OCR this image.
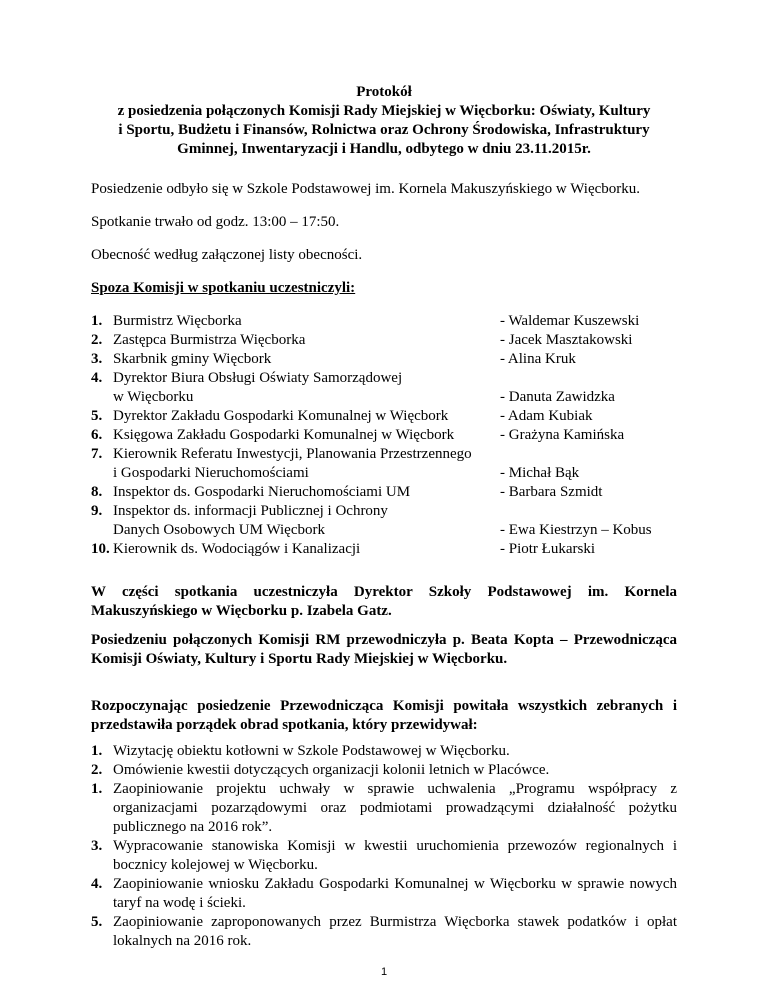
Protokół
z posiedzenia połączonych Komisji Rady Miejskiej w Więcborku: Oświaty, Kultury
i Sportu, Budżetu i Finansów, Rolnictwa oraz Ochrony Środowiska, Infrastruktury
Gminnej, Inwentaryzacji i Handlu, odbytego w dniu 23.11.2015r.
Posiedzenie odbyło się w Szkole Podstawowej im. Kornela Makuszyńskiego w Więcborku.
Spotkanie trwało od godz. 13:00 – 17:50.
Obecność według załączonej listy obecności.
Spoza Komisji w spotkaniu uczestniczyli:
1. Burmistrz Więcborka	- Waldemar Kuszewski
2. Zastępca Burmistrza Więcborka	- Jacek Masztakowski
3. Skarbnik gminy Więcbork	- Alina Kruk
4. Dyrektor Biura Obsługi Oświaty Samorządowej
w Więcborku	- Danuta Zawidzka
5. Dyrektor Zakładu Gospodarki Komunalnej w Więcbork	- Adam Kubiak
6. Księgowa Zakładu Gospodarki Komunalnej w Więcbork	- Grażyna Kamińska
7. Kierownik Referatu Inwestycji, Planowania Przestrzennego
i Gospodarki Nieruchomościami	- Michał Bąk
8. Inspektor ds. Gospodarki Nieruchomościami UM	- Barbara Szmidt
9. Inspektor ds. informacji Publicznej i Ochrony
Danych Osobowych UM Więcbork	- Ewa Kiestrzyn – Kobus
10. Kierownik ds. Wodociągów i Kanalizacji	- Piotr Łukarski
W części spotkania uczestniczyła Dyrektor Szkoły Podstawowej im. Kornela Makuszyńskiego w Więcborku p. Izabela Gatz.
Posiedzeniu połączonych Komisji RM przewodniczyła p. Beata Kopta – Przewodnicząca Komisji Oświaty, Kultury i Sportu Rady Miejskiej w Więcborku.
Rozpoczynając posiedzenie Przewodnicząca Komisji powitała wszystkich zebranych i przedstawiła porządek obrad spotkania, który przewidywał:
1. Wizytację obiektu kotłowni w Szkole Podstawowej w Więcborku.
2. Omówienie kwestii dotyczących organizacji kolonii letnich w Placówce.
1. Zaopiniowanie projektu uchwały w sprawie uchwalenia „Programu współpracy z organizacjami pozarządowymi oraz podmiotami prowadzącymi działalność pożytku publicznego na 2016 rok”.
3. Wypracowanie stanowiska Komisji w kwestii uruchomienia przewozów regionalnych i bocznicy kolejowej w Więcborku.
4. Zaopiniowanie wniosku Zakładu Gospodarki Komunalnej w Więcborku w sprawie nowych taryf na wodę i ścieki.
5. Zaopiniowanie zaproponowanych przez Burmistrza Więcborka stawek podatków i opłat lokalnych na 2016 rok.
1
